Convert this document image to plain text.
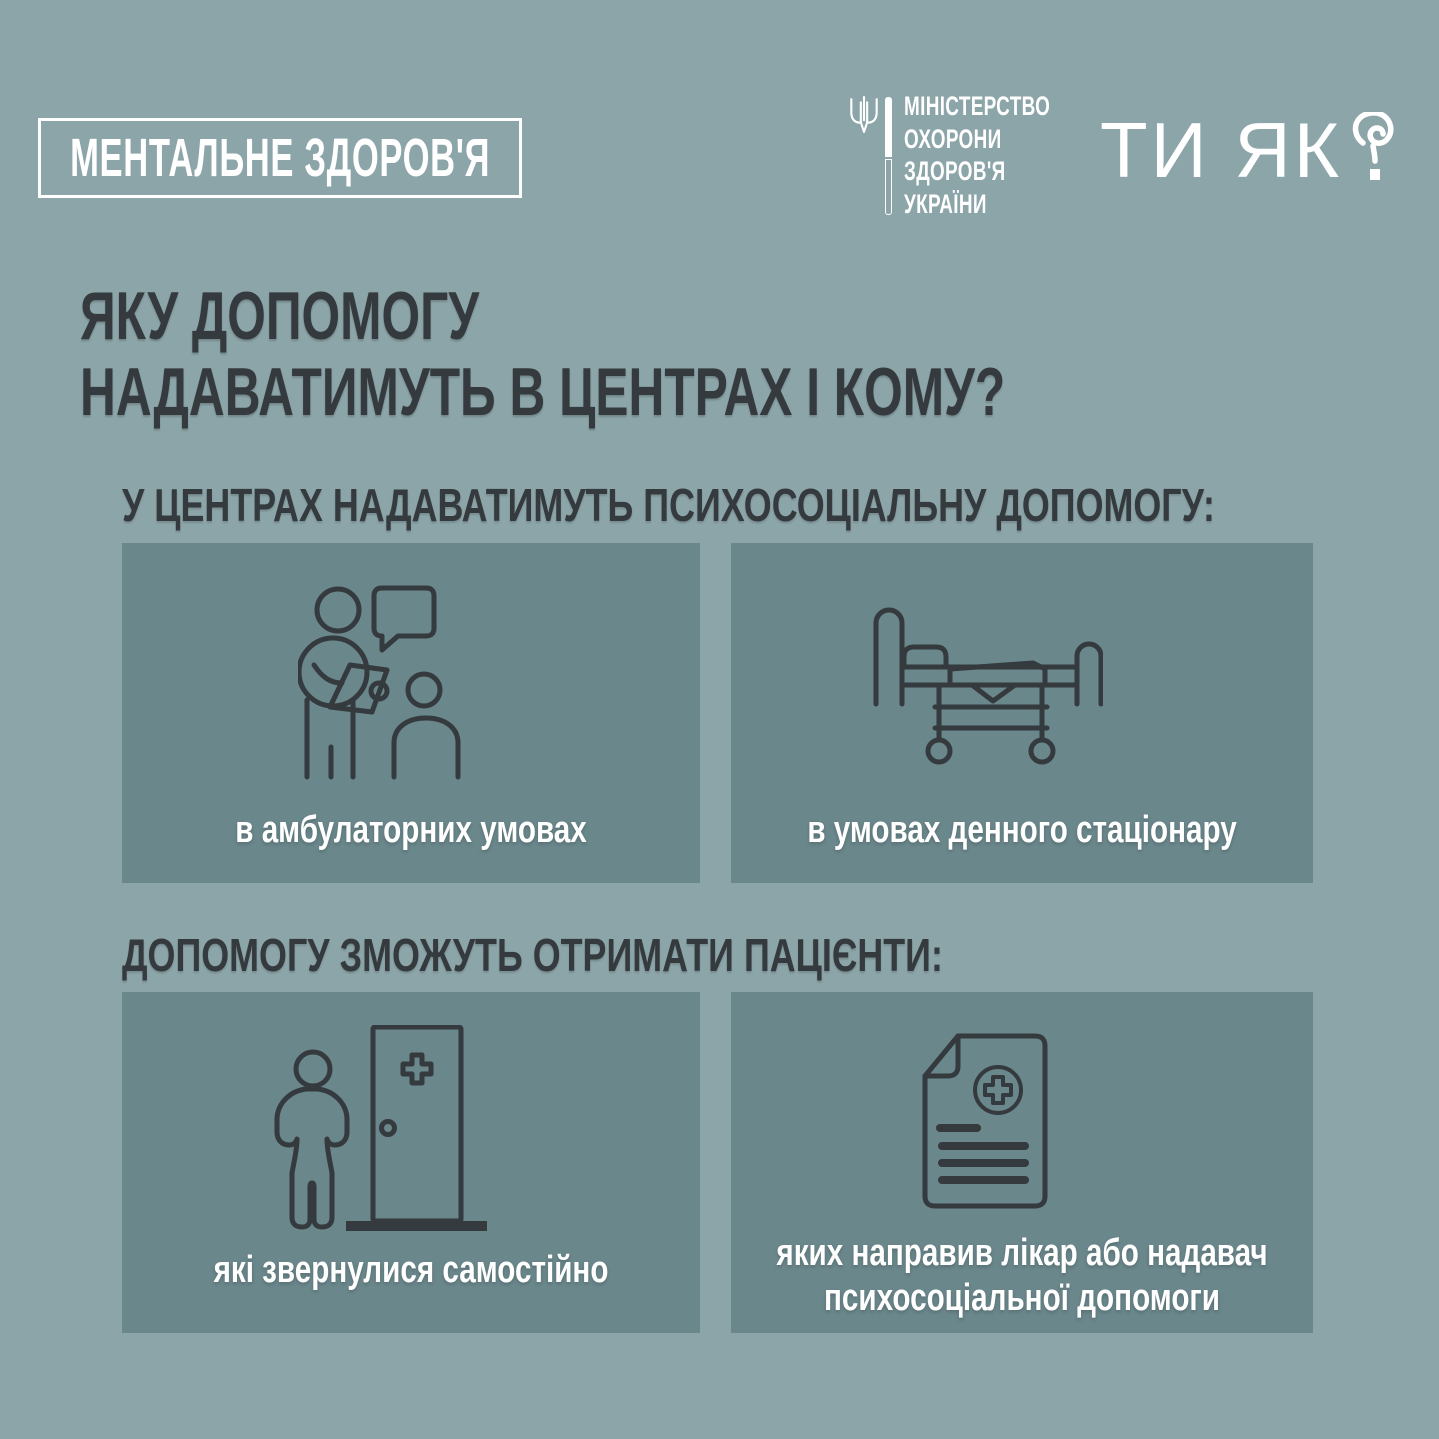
МЕНТАЛЬНЕ ЗДОРОВ'Я
МІНІСТЕРСТВО
ОХОРОНИ
ЗДОРОВ'Я
УКРАЇНИ
ТИ ЯК
ЯКУ ДОПОМОГУ
НАДАВАТИМУТЬ В ЦЕНТРАХ І КОМУ?
У ЦЕНТРАХ НАДАВАТИМУТЬ ПСИХОСОЦІАЛЬНУ ДОПОМОГУ:
в амбулаторних умовах	в умовах денного стаціонару
ДОПОМОГУ ЗМОЖУТЬ ОТРИМАТИ ПАЦІЄНТИ:
які звернулися самостійно	яких направив лікар або надавач психосоціальної допомоги
